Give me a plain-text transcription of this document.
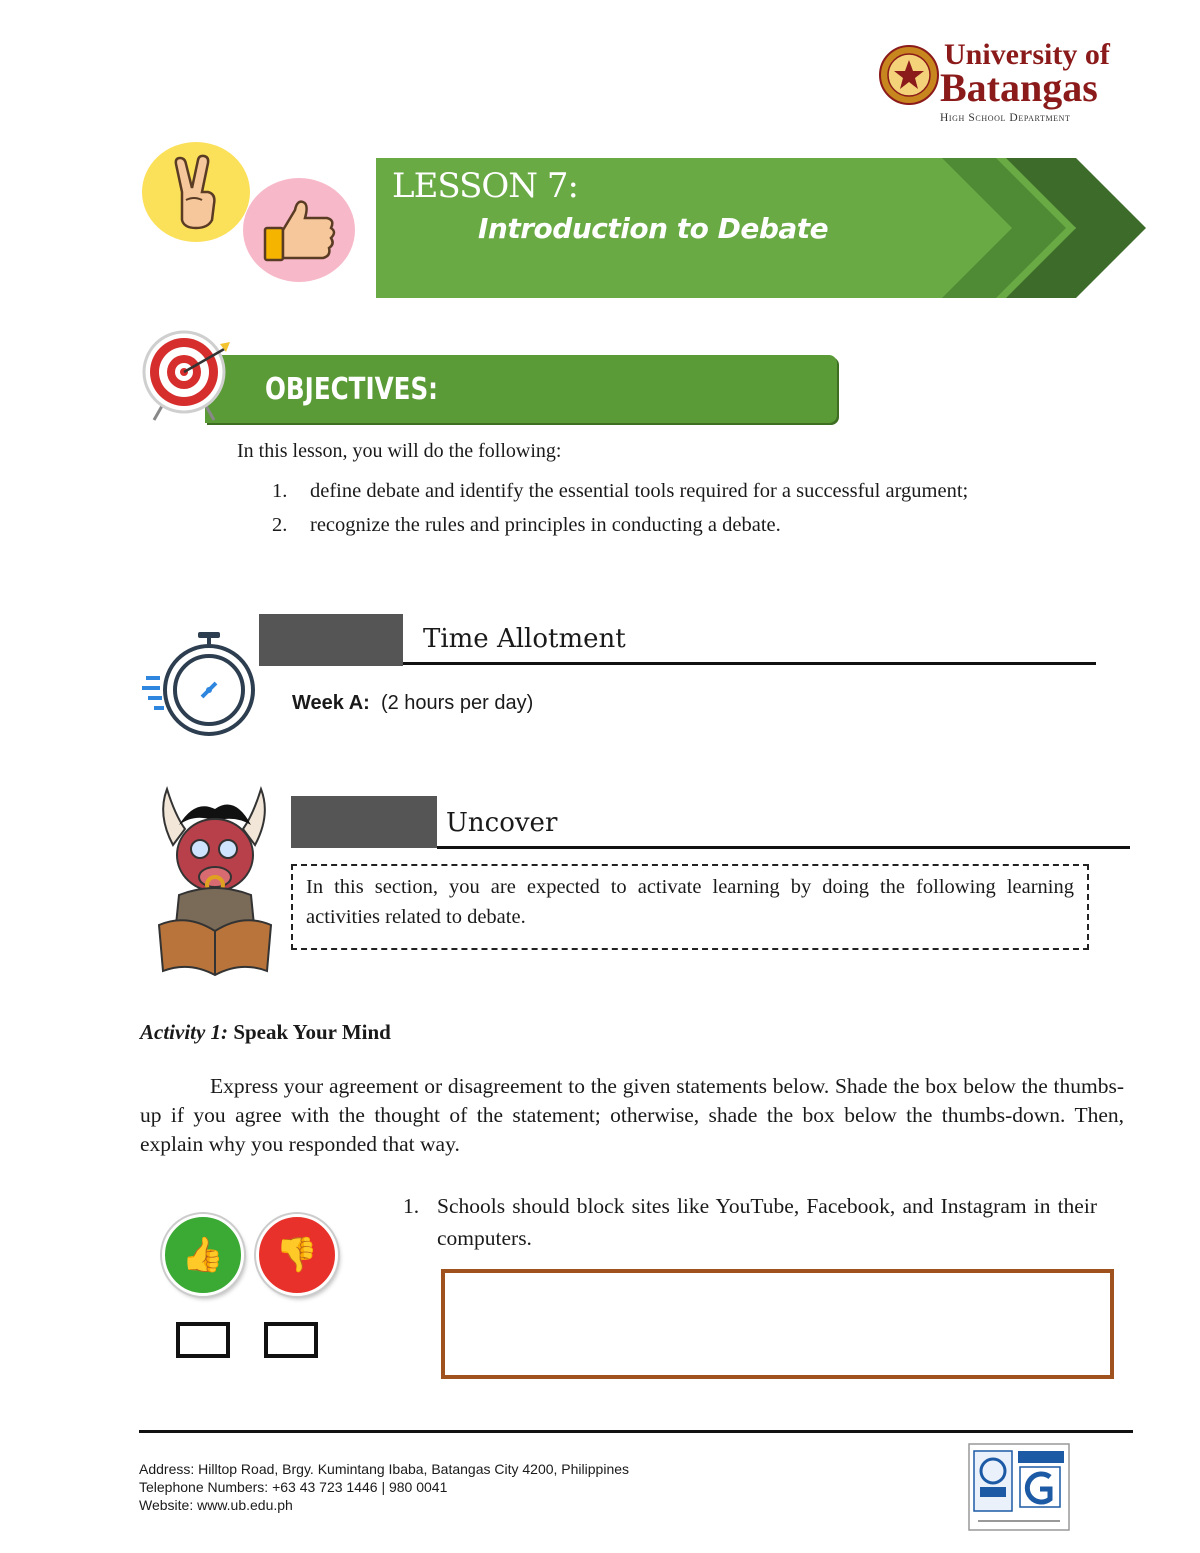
University of
Batangas
High School Department
LESSON 7:
Introduction to Debate
OBJECTIVES:
In this lesson, you will do the following:
1. define debate and identify the essential tools required for a successful argument;
2. recognize the rules and principles in conducting a debate.
Time Allotment
Week A: (2 hours per day)
Uncover
In this section, you are expected to activate learning by doing the following learning activities related to debate.
Activity 1: Speak Your Mind
Express your agreement or disagreement to the given statements below. Shade the box below the thumbs-up if you agree with the thought of the statement; otherwise, shade the box below the thumbs-down. Then, explain why you responded that way.
👍	👎
1. Schools should block sites like YouTube, Facebook, and Instagram in their computers.
Address: Hilltop Road, Brgy. Kumintang Ibaba, Batangas City 4200, Philippines
Telephone Numbers: +63 43 723 1446 | 980 0041
Website: www.ub.edu.ph
